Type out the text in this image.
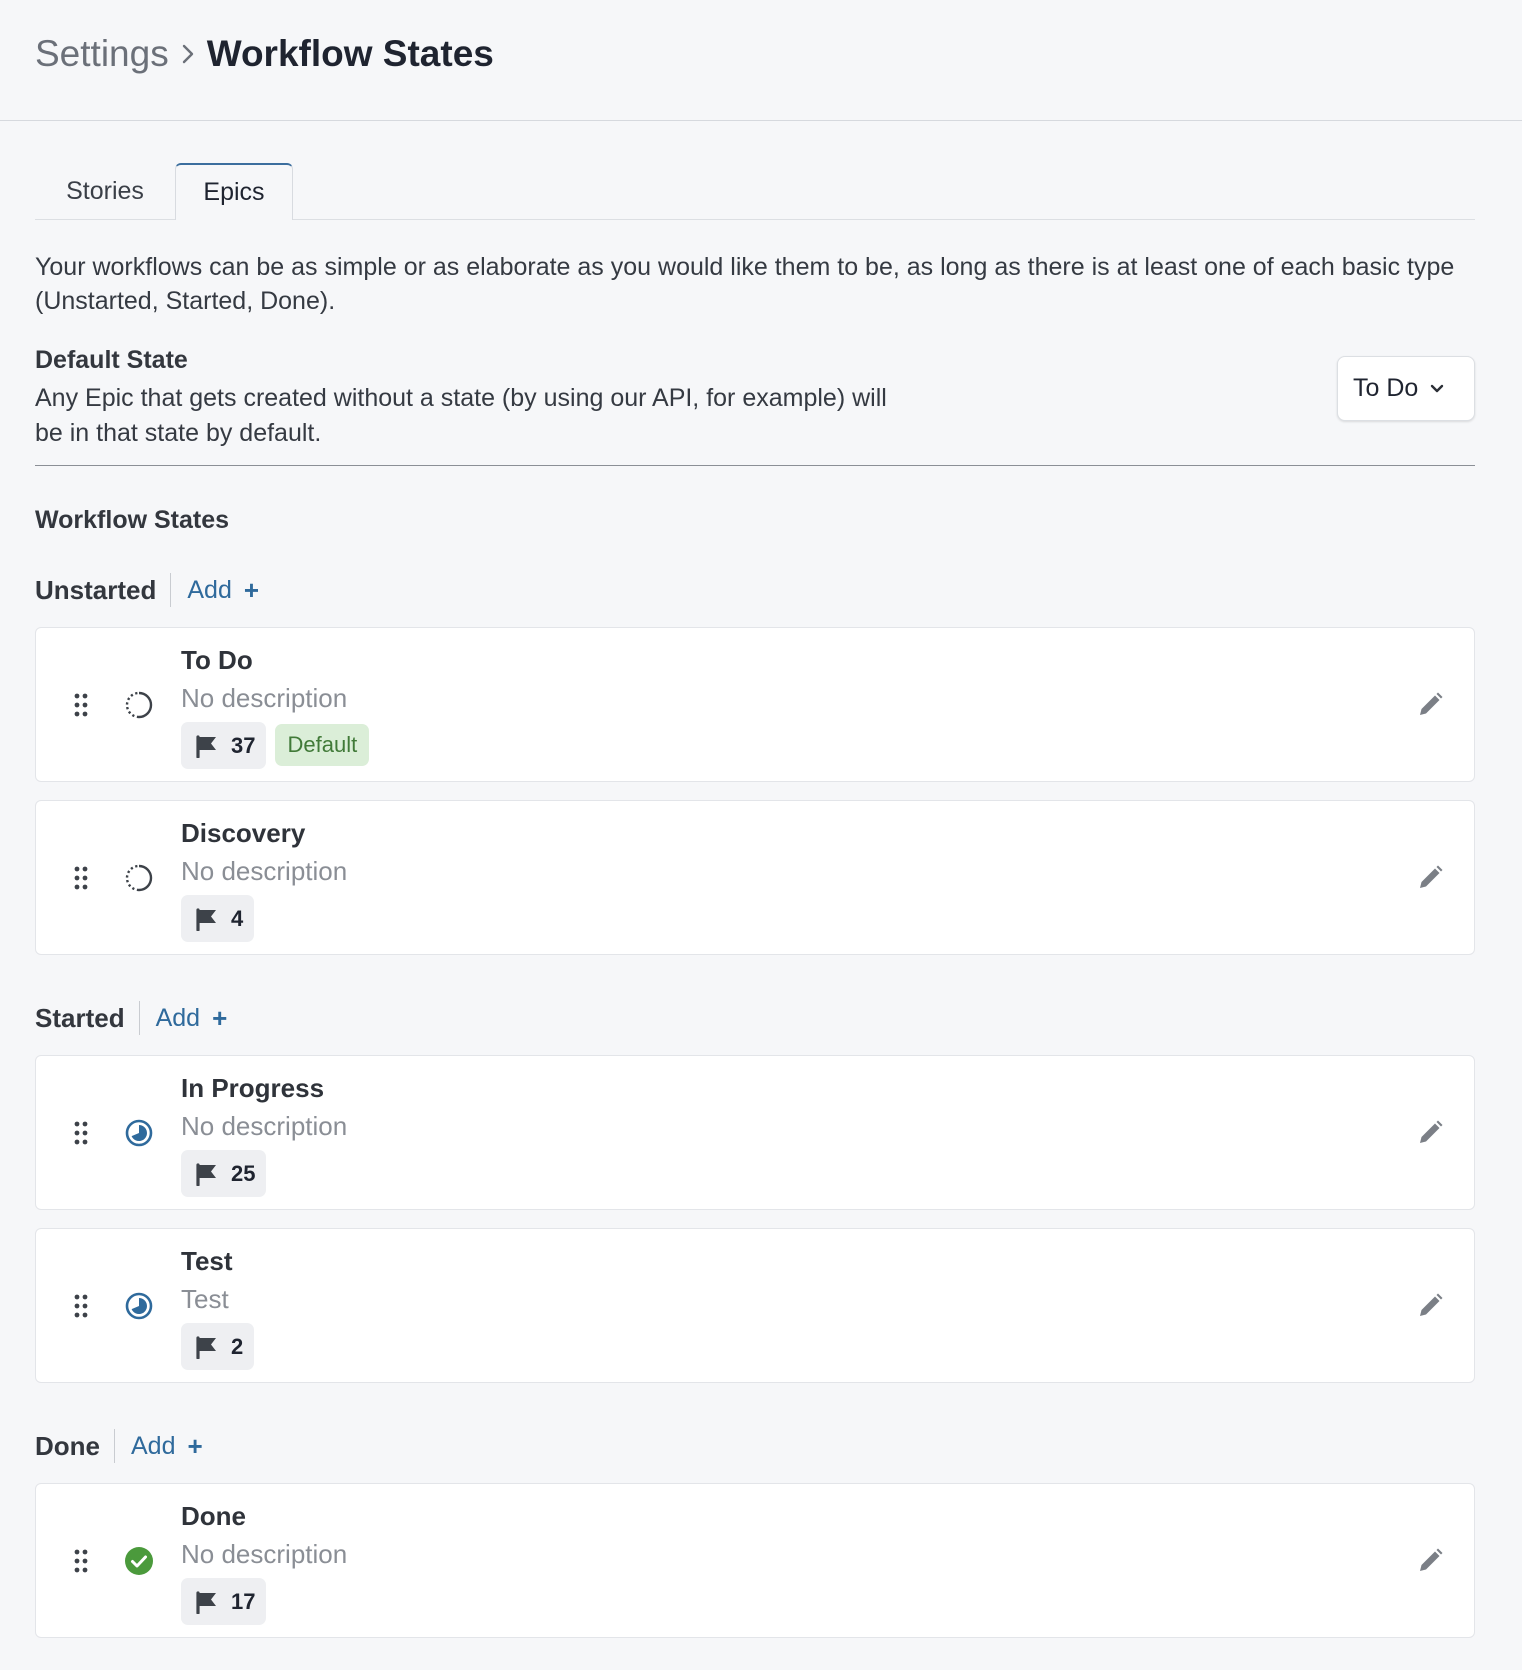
Settings Workflow States
Stories	Epics

Your workflows can be as simple or as elaborate as you would like them to be, as long as there is at least one of each basic type (Unstarted, Started, Done).

Default State
Any Epic that gets created without a state (by using our API, for example) will be in that state by default.
To Do
Workflow States
Unstarted	Add +
To Do
No description
37	Default
Discovery
No description
4
Started	Add +
In Progress
No description
25
Test
Test
2
Done	Add +
Done
No description
17
